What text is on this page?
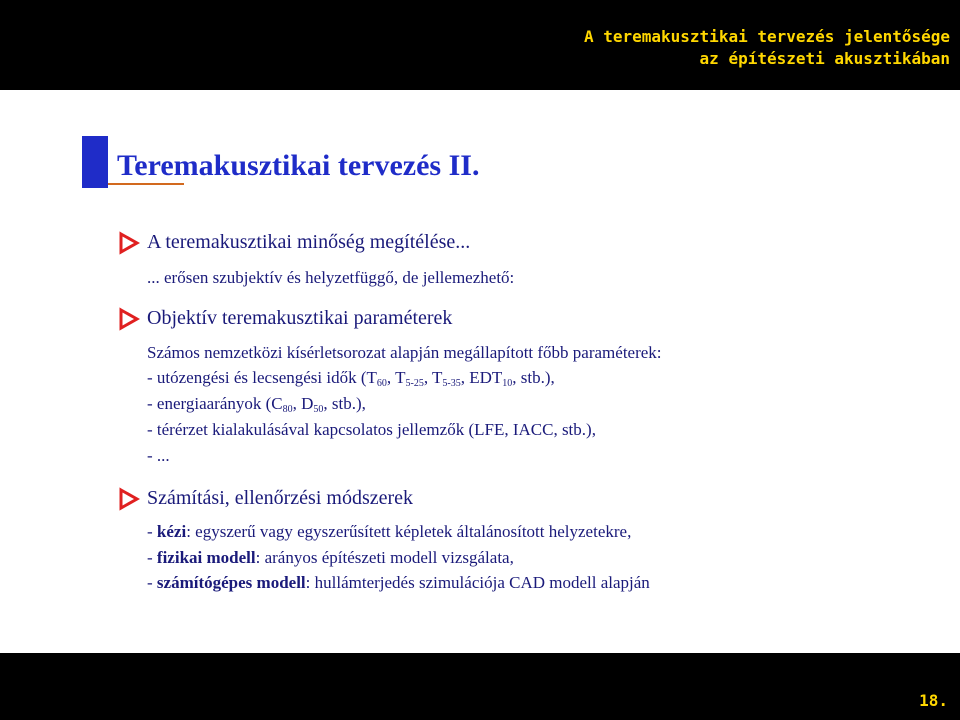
A teremakusztikai tervezés jelentősége
az építészeti akusztikában
Teremakusztikai tervezés II.

A teremakusztikai minőség megítélése...

... erősen szubjektív és helyzetfüggő, de jellemezhető:

Objektív teremakusztikai paraméterek

Számos nemzetközi kísérletsorozat alapján megállapított főbb paraméterek:

- utózengési és lecsengési idők ($T_{60}$, $T_{5-25}$, $T_{5-35}$, $EDT_{10}$, stb.),

- energiaarányok ($C_{80}$, $D_{50}$, stb.),

- térérzet kialakulásával kapcsolatos jellemzők (LFE, IACC, stb.),

- ...

Számítási, ellenőrzési módszerek

- kézi: egyszerű vagy egyszerűsített képletek általánosított helyzetekre,

- fizikai modell: arányos építészeti modell vizsgálata,

- számítógépes modell: hullámterjedés szimulációja CAD modell alapján

18.
